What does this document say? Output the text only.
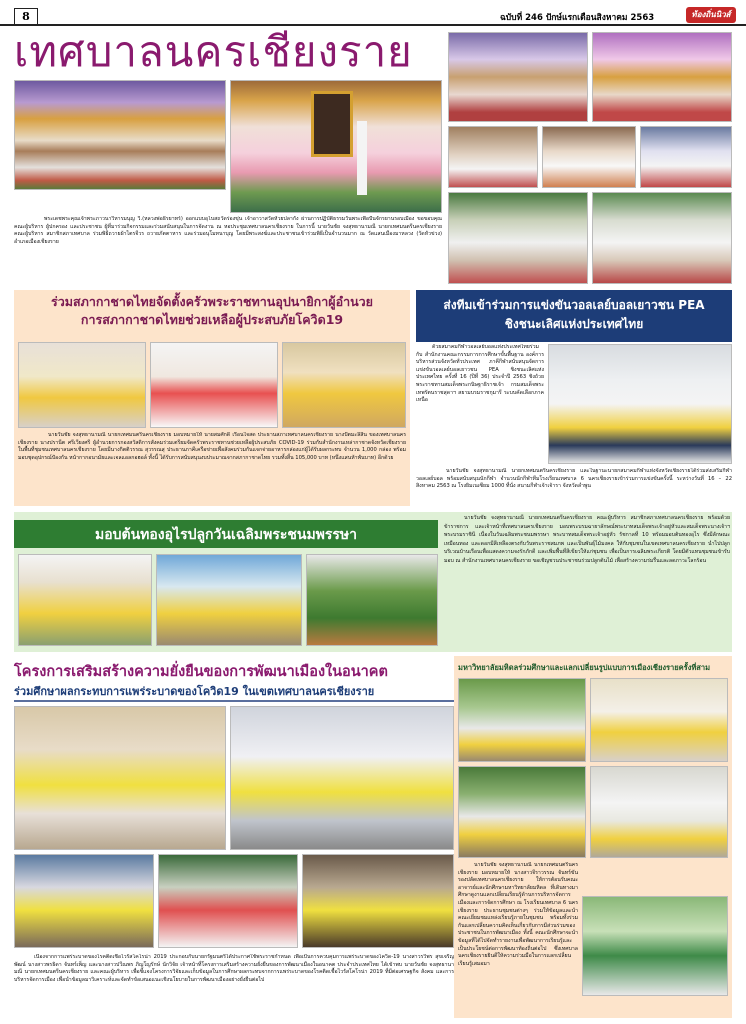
8	ฉบับที่ 246 ปักษ์แรกเดือนสิงหาคม 2563	ท้องถิ่นนิวส์
เทศบาลนครเชียงราย
พระเดชพระคุณเจ้าพระภาวนาวิหารมนุญ วิ.(หลวงพ่อธีรยาทร์) ออกแบบอุโบสถวัดร่องขุ่น เจ้าอาวาสวัดห้วยปลากั้ง ผ่านการปฏิบัติธรรมวันพระเพื่อปั่นจักรยานรอบเมือง ขอขอบคุณคณะผู้บริหาร ผู้ปกครอง และประชาชน ผู้ที่มาร่วมกิจกรรมและร่วมสนับสนุนในการจัดงาน ณ หอประชุมเทศบาลนครเชียงราย ในการนี้ นายวันชัย จงสุทธานามณี นายกเทศมนตรีนครเชียงราย คณะผู้บริหาร สมาชิกสภาเทศบาล ร่วมพิธีถวายผ้าไตรจีวร ถวายภัตตาหาร และร่วมอนุโมทนาบุญ โดยมีพระสงฆ์และประชาชนเข้าร่วมพิธีเป็นจำนวนมาก ณ วัดแสนเมืองมาหลวง (วัดหัวข่วง) อำเภอเมืองเชียงราย
ร่วมสภากาชาดไทยจัดตั้งครัวพระราชทานอุปนายิกาผู้อำนวย
การสภากาชาดไทยช่วยเหลือผู้ประสบภัยโควิด19
นายวันชัย จงสุทธานามณี นายกเทศมนตรีนครเชียงราย มอบหมายให้ นายสมศักดิ์ เรือนใจสด ประธานสภาเทศบาลนครเชียงราย นางปัตมะลิสิน ของเทศบาลนครเชียงราย นางปรานีต ศรีเวียงศรี ผู้อำนวยการกองสวัสดิการสังคมร่วมเตรียมจัดครัวพระราชทานช่วยเหลือผู้ประสบภัย COVID-19 ร่วมกับสำนักงานเหล่ากาชาดจังหวัดเชียงราย ในพื้นที่ชุมชนเทศบาลนครเชียงราย โดยมีนางกิตติวรรณ สุวรรณสุ ประธานภาคีเครือข่ายเพื่อสังคมร่วมกันแจกจ่ายอาหารกล่องแก่ผู้ได้รับผลกระทบ จำนวน 1,000 กล่อง พร้อมมอบชุดอุปกรณ์ป้องกัน หน้ากากอนามัยและเจลแอลกอฮอล์ ทั้งนี้ ได้รับการสนับสนุนงบประมาณจากสภากาชาดไทย รวมทั้งสิ้น 105,000 บาท (หนึ่งแสนห้าพันบาท) อีกด้วย
ส่งทีมเข้าร่วมการแข่งขันวอลเลย์บอลเยาวชน PEA
ชิงชนะเลิศแห่งประเทศไทย
ด้วยสมาคมกีฬาวอลเลย์บอลแห่งประเทศไทยร่วมกับ สำนักงานคณะกรรมการการศึกษาขั้นพื้นฐาน องค์การบริหารส่วนจังหวัดทั่วประเทศ ภาคีกีฬาสนับสนุนจัดการแข่งขันวอลเลย์บอลเยาวชน PEA ชิงชนะเลิศแห่งประเทศไทย ครั้งที่ 16 (ปีที่ 36) ประจำปี 2563 ชิงถ้วยพระราชทานสมเด็จพระกนิษฐาธิราชเจ้า กรมสมเด็จพระเทพรัตนราชสุดาฯ สยามบรมราชกุมารี ระบบคัดเลือกภาคเหนือ
นายวันชัย จงสุทธานามณี นายกเทศมนตรีนครเชียงราย และในฐานะนายกสมาคมกีฬาแห่งจังหวัดเชียงรายได้ร่วมส่งเสริมกีฬาวอลเลย์บอล พร้อมสนับสนุนนักกีฬา จำนวนนักกีฬาทีมโรงเรียนเทศบาล 6 นครเชียงรายเข้าร่วมการแข่งขันครั้งนี้ ระหว่างวันที่ 16 – 22 สิงหาคม 2563 ณ โรงยิมเนเซียม 1000 ที่นั่ง สนามกีฬาเจ้าเจ้ารา จังหวัดลำพูน
มอบต้นทองอุไรปลูกวันเฉลิมพระชนมพรรษา
นายวันชัย จงสุทธานามณี นายกเทศมนตรีนครเชียงราย คณะผู้บริหาร สมาชิกสภาเทศบาลนครเชียงราย พร้อมด้วยข้าราชการ และเจ้าหน้าที่เทศบาลนครเชียงราย มอบพระบรมฉายาลักษณ์พระบาทสมเด็จพระเจ้าอยู่หัวและสมเด็จพระนางเจ้าฯ พระบรมราชินี เนื่องในวันเฉลิมพระชนมพรรษา พระบาทสมเด็จพระเจ้าอยู่หัว รัชกาลที่ 10 พร้อมมอบต้นทองอุไร ซึ่งมีลักษณะเหมือนทอง และดอกมีสีเหลืองตรงกับวันพระราชสมภพ และเป็นพันธุ์ไม้มงคล ให้กับชุมชนในเขตเทศบาลนครเชียงราย นำไปปลูกบริเวณบ้านเรือนเพื่อแสดงความจงรักภักดี และเพิ่มพื้นที่สีเขียวให้แก่ชุมชน เพื่อเป็นการเฉลิมพระเกียรติ โดยมีตัวแทนชุมชนเข้ารับมอบ ณ สำนักงานเทศบาลนครเชียงราย ขอเชิญชวนประชาชนร่วมปลูกต้นไม้ เพื่อสร้างความร่มรื่นและลดภาวะโลกร้อน
โครงการเสริมสร้างความยั่งยืนของการพัฒนาเมืองในอนาคต
ร่วมศึกษาผลกระทบการแพร่ระบาดของโควิด19 ในเขตเทศบาลนครเชียงราย
เนื่องจากการแพร่ระบาดของโรคติดเชื้อไวรัสโคโรน่า 2019 ประกอบกับนายกรัฐมนตรีได้ประกาศใช้พระราชกำหนด เพื่อเป็นการควบคุมการแพร่ระบาดของโควิด-19 นางสาวรวีพร สุขเจริญพัฒน์ นางสาวพรธิดา จันทร์เพ็ญ และนางสาวปวีณพร ภิญโญรักษ์ นักวิจัย เจ้าหน้าที่โครงการเสริมสร้างความยั่งยืนของการพัฒนาเมืองในอนาคต ประจำประเทศไทย ได้เข้าพบ นายวันชัย จงสุทธานามณี นายกเทศมนตรีนครเชียงราย และคณะผู้บริหาร เพื่อชี้แจงโครงการวิจัยและเก็บข้อมูลในการศึกษาผลกระทบจากการแพร่ระบาดของโรคติดเชื้อไวรัสโคโรน่า 2019 ที่มีต่อเศรษฐกิจ สังคม และการบริหารจัดการเมือง เพื่อนำข้อมูลมาวิเคราะห์และจัดทำข้อเสนอแนะเชิงนโยบายในการพัฒนาเมืองอย่างยั่งยืนต่อไป
มหาวิทยาลัยมหิดลร่วมศึกษาและแลกเปลี่ยนรูปแบบการเมืองเชียงรายครั้งที่สาม
นายวันชัย จงสุทธานามณี นายกเทศมนตรีนครเชียงราย มอบหมายให้ นางสาวจีราวรรณ จันทร์ขัน รองปลัดเทศบาลนครเชียงราย ให้การต้อนรับคณะอาจารย์และนักศึกษามหาวิทยาลัยมหิดล ที่เดินทางมาศึกษาดูงานแลกเปลี่ยนเรียนรู้ด้านการบริหารจัดการเมืองและการจัดการศึกษา ณ โรงเรียนเทศบาล 6 นครเชียงราย ประธานชุมชนต่างๆ ร่วมให้ข้อมูลและนำคณะเยี่ยมชมแหล่งเรียนรู้ภายในชุมชน พร้อมทั้งร่วมกันแลกเปลี่ยนความคิดเห็นเกี่ยวกับการมีส่วนร่วมของประชาชนในการพัฒนาเมือง ทั้งนี้ คณะนักศึกษาจะนำข้อมูลที่ได้ไปจัดทำรายงานเพื่อพัฒนาการเรียนรู้และเป็นประโยชน์ต่อการพัฒนาท้องถิ่นต่อไป ซึ่งเทศบาลนครเชียงรายยินดีให้ความร่วมมือในการแลกเปลี่ยนเรียนรู้เสมอมา
